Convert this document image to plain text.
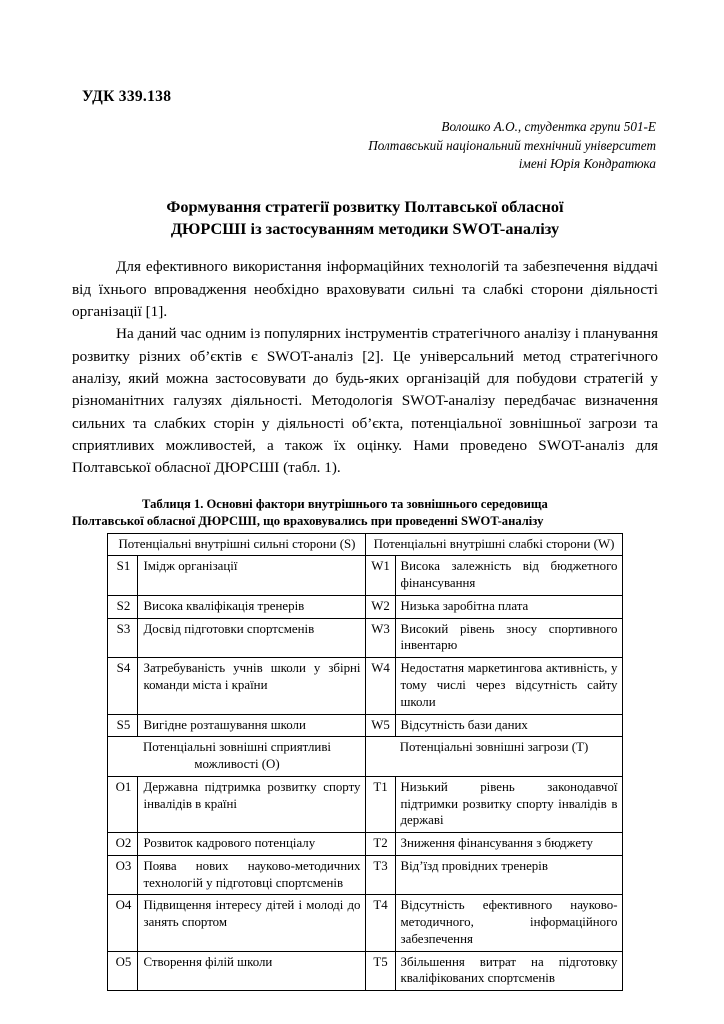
УДК 339.138
Волошко А.О., студентка групи 501-Е
Полтавський національний технічний університет
імені Юрія Кондратюка
Формування стратегії розвитку Полтавської обласної
ДЮРСШІ із застосуванням методики SWOT-аналізу

Для ефективного використання інформаційних технологій та забезпечення віддачі від їхнього впровадження необхідно враховувати сильні та слабкі сторони діяльності організації [1].

На даний час одним із популярних інструментів стратегічного аналізу і планування розвитку різних об’єктів є SWOT-аналіз [2]. Це універсальний метод стратегічного аналізу, який можна застосовувати до будь-яких організацій для побудови стратегій у різноманітних галузях діяльності. Методологія SWOT-аналізу передбачає визначення сильних та слабких сторін у діяльності об’єкта, потенціальної зовнішньої загрози та сприятливих можливостей, а також їх оцінку. Нами проведено SWOT-аналіз для Полтавської обласної ДЮРСШІ (табл. 1).

Таблиця 1. Основні фактори внутрішнього та зовнішнього середовища
Полтавської обласної ДЮРСШІ, що враховувались при проведенні SWOT-аналізу
Потенціальні внутрішні сильні сторони (S)		Потенціальні внутрішні слабкі сторони (W)	
S1	Імідж організації	W1	Висока залежність від бюджетного фінансування
S2	Висока кваліфікація тренерів	W2	Низька заробітна плата
S3	Досвід підготовки спортсменів	W3	Високий рівень зносу спортивного інвентарю
S4	Затребуваність учнів школи у збірні команди міста і країни	W4	Недостатня маркетингова активність, у тому числі через відсутність сайту школи
S5	Вигідне розташування школи	W5	Відсутність бази даних
Потенціальні зовнішні сприятливі можливості (O)		Потенціальні зовнішні загрози (T)	
O1	Державна підтримка розвитку спорту інвалідів в країні	T1	Низький рівень законодавчої підтримки розвитку спорту інвалідів в державі
O2	Розвиток кадрового потенціалу	T2	Зниження фінансування з бюджету
O3	Поява нових науково-методичних технологій у підготовці спортсменів	T3	Від’їзд провідних тренерів
O4	Підвищення інтересу дітей і молоді до занять спортом	T4	Відсутність ефективного науково-методичного, інформаційного забезпечення
O5	Створення філій школи	T5	Збільшення витрат на підготовку кваліфікованих спортсменів
